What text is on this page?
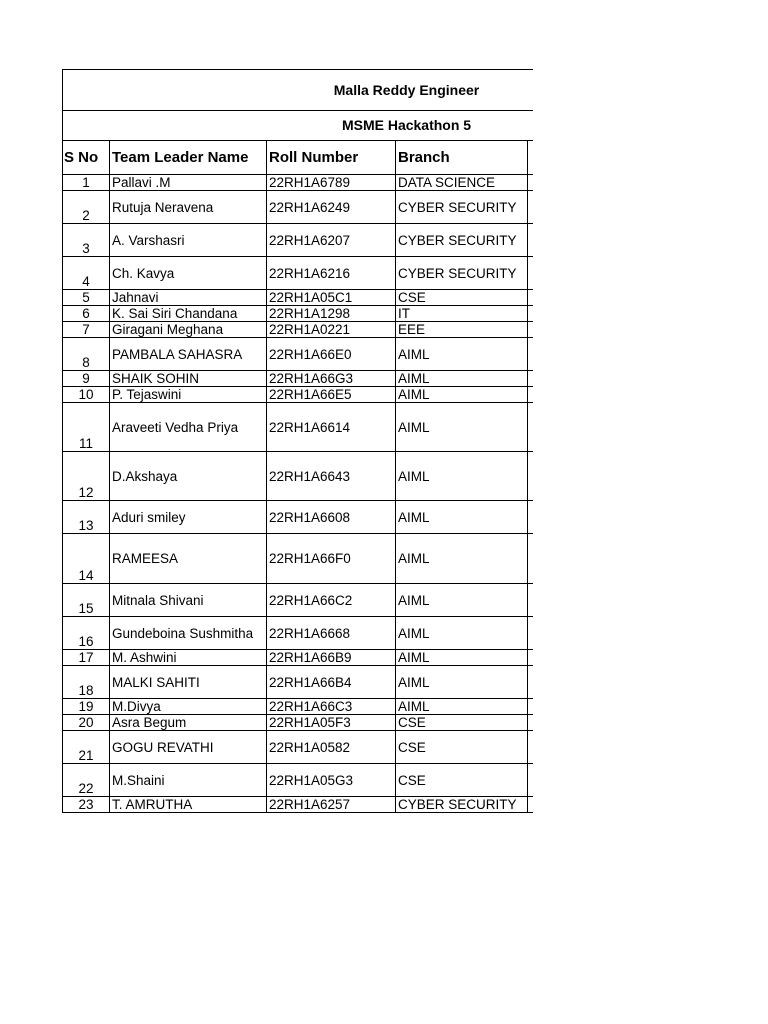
Malla Reddy Engineer				

MSME Hackathon 5				

S No	Team Leader Name	Roll Number	Branch	
1	Pallavi .M	22RH1A6789	DATA SCIENCE	
2	Rutuja Neravena	22RH1A6249	CYBER SECURITY	
3	A. Varshasri	22RH1A6207	CYBER SECURITY	
4	Ch. Kavya	22RH1A6216	CYBER SECURITY	
5	Jahnavi	22RH1A05C1	CSE	
6	K. Sai Siri Chandana	22RH1A1298	IT	
7	Giragani Meghana	22RH1A0221	EEE	
8	PAMBALA SAHASRA	22RH1A66E0	AIML	
9	SHAIK SOHIN	22RH1A66G3	AIML	
10	P. Tejaswini	22RH1A66E5	AIML	
11	Araveeti Vedha Priya	22RH1A6614	AIML	
12	D.Akshaya	22RH1A6643	AIML	
13	Aduri smiley	22RH1A6608	AIML	
14	RAMEESA	22RH1A66F0	AIML	
15	Mitnala Shivani	22RH1A66C2	AIML	
16	Gundeboina Sushmitha	22RH1A6668	AIML	
17	M. Ashwini	22RH1A66B9	AIML	
18	MALKI SAHITI	22RH1A66B4	AIML	
19	M.Divya	22RH1A66C3	AIML	
20	Asra Begum	22RH1A05F3	CSE	
21	GOGU REVATHI	22RH1A0582	CSE	
22	M.Shaini	22RH1A05G3	CSE	
23	T. AMRUTHA	22RH1A6257	CYBER SECURITY	
